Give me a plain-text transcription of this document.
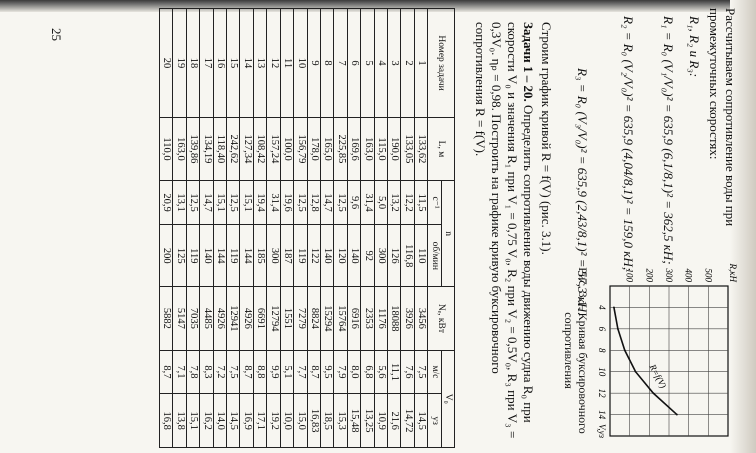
Рассчитываем сопротивление воды при промежуточных скоростях:
R₁, R₂ и R₃:
R₁ = R₀ (V₁/V₀)² = 635,9 (6,1/8,1)² = 362,5 кН;
R₂ = R₀ (V₂/V₀)² = 635,9 (4,04/8,1)² = 159,0 кН;
R₃ = R₀ (V₃/V₀)² = 635,9 (2,43/8,1)² = 57,3 кН.
Строим график кривой R = f(V) (рис. 3.1).
Задачи 1 – 20. Определить сопротивление воды движению судна R₀ при скорости V₀ и значения R₁ при V₁ = 0,75 V₀, R₂ при V₂ = 0,5V₀, R₃ при V₃ = 0,3V₀. ηₚ = 0,98. Построить на графике кривую буксировочного сопротивления R = f(V).
4
6
8
10
12
14
100 200 300 400 500 R,кН
V,уз
R=f(V)
Рис. 3.1. Кривая буксировочного сопротивления
Номер задачи	L, м	n		Nₑ, кВт	V₀	
		с⁻¹	об/мин		м/с	уз
1	133,62	11,5	110	3456	7,5	14,5
2	133,05	12,2	116,8	3926	7,6	14,72
3	190,0	13,2	126	18088	11,1	21,6
4	115,0	5,0	300	1176	5,6	10,9
5	163,0	31,4	92	2353	6,8	13,25
6	169,6	9,6	140	6916	8,0	15,48
7	225,85	12,5	120	15764	7,9	15,3
8	165,0	14,7	140	15294	9,5	18,5
9	178,0	12,8	122	8824	8,7	16,83
10	156,79	12,5	119	7279	7,7	15,0
11	100,0	19,6	187	1551	5,1	10,0
12	157,24	31,4	300	12794	9,9	19,2
13	108,42	19,4	185	6691	8,8	17,1
14	127,34	15,1	144	4926	8,7	16,9
15	242,62	12,5	119	12941	7,5	14,5
16	118,40	15,1	144	4926	7,2	14,0
17	134,19	14,7	140	4485	8,3	16,2
18	139,86	12,5	119	7035	7,8	15,1
19	163,0	13,1	125	5147	7,1	13,8
20	110,0	20,9	200	5882	8,7	16,8
25
